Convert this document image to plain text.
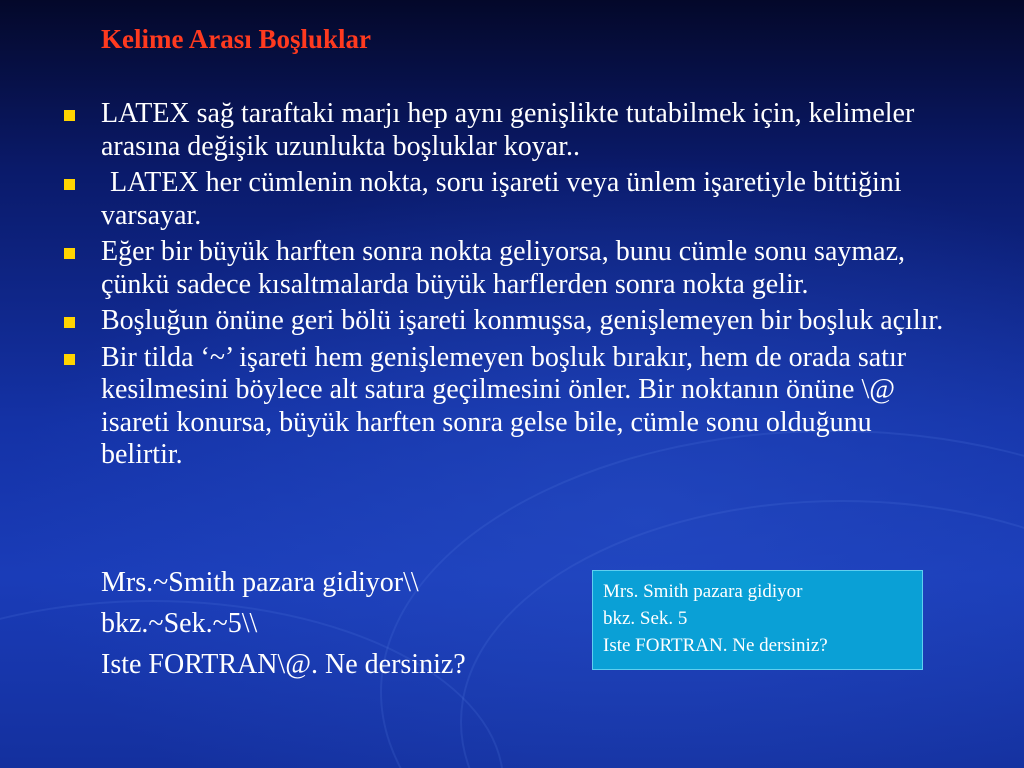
Kelime Arası Boşluklar
LATEX sağ taraftaki marjı hep aynı genişlikte tutabilmek için, kelimeler arasına değişik uzunlukta boşluklar koyar..
LATEX her cümlenin nokta, soru işareti veya ünlem işaretiyle bittiğini varsayar.
Eğer bir büyük harften sonra nokta geliyorsa, bunu cümle sonu saymaz, çünkü sadece kısaltmalarda büyük harflerden sonra nokta gelir.
Boşluğun önüne geri bölü işareti konmuşsa, genişlemeyen bir boşluk açılır.
Bir tilda ‘~’ işareti hem genişlemeyen boşluk bırakır, hem de orada satır kesilmesini böylece alt satıra geçilmesini önler. Bir noktanın önüne \@ isareti konursa, büyük harften sonra gelse bile, cümle sonu olduğunu belirtir.
Mrs.~Smith pazara gidiyor\\
bkz.~Sek.~5\\
Iste FORTRAN\@. Ne dersiniz?
Mrs. Smith pazara gidiyor
bkz. Sek. 5
Iste FORTRAN. Ne dersiniz?
